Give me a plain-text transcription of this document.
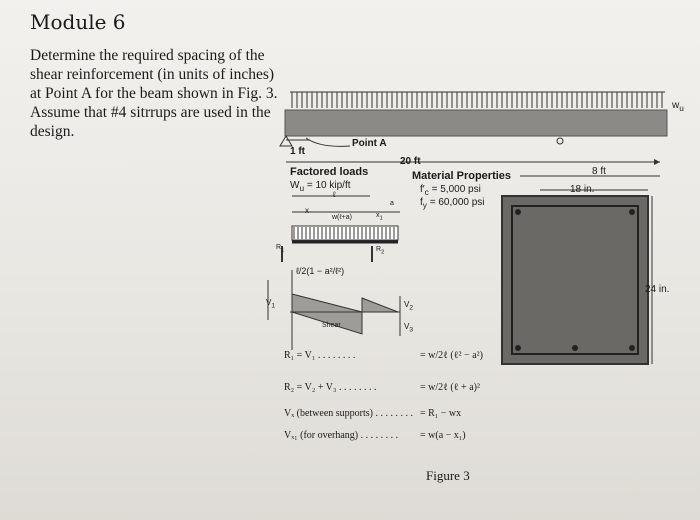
Module 6
Determine the required spacing of the shear reinforcement (in units of inches) at Point A for the beam shown in Fig. 3. Assume that #4 sitrrups are used in the design.
$w_u$
1 ft
Point A
20 ft
Factored loads
$W_u = 10$ kip/ft
Material Properties
$f'_c = 5,000$ psi
$f_y = 60,000$ psi
8 ft
18 in.
24 in.
x
ℓ
w(ℓ+a)	$x_1$
a
$R_1$	$R_2$
ℓ/2(1 − a²/ℓ²)
$V_1$	$V_2$
$V_3$
Shear
R₁ = V₁ . . . . . . . .	= w/2ℓ (ℓ² − a²)
R₂ = V₂ + V₃ . . . . . . . .	= w/2ℓ (ℓ + a)²
Vₓ (between supports) . . . . . . . . = R₁ − wx
Vₓ₁ (for overhang) . . . . . . . . = w(a − x₁)
Figure 3
